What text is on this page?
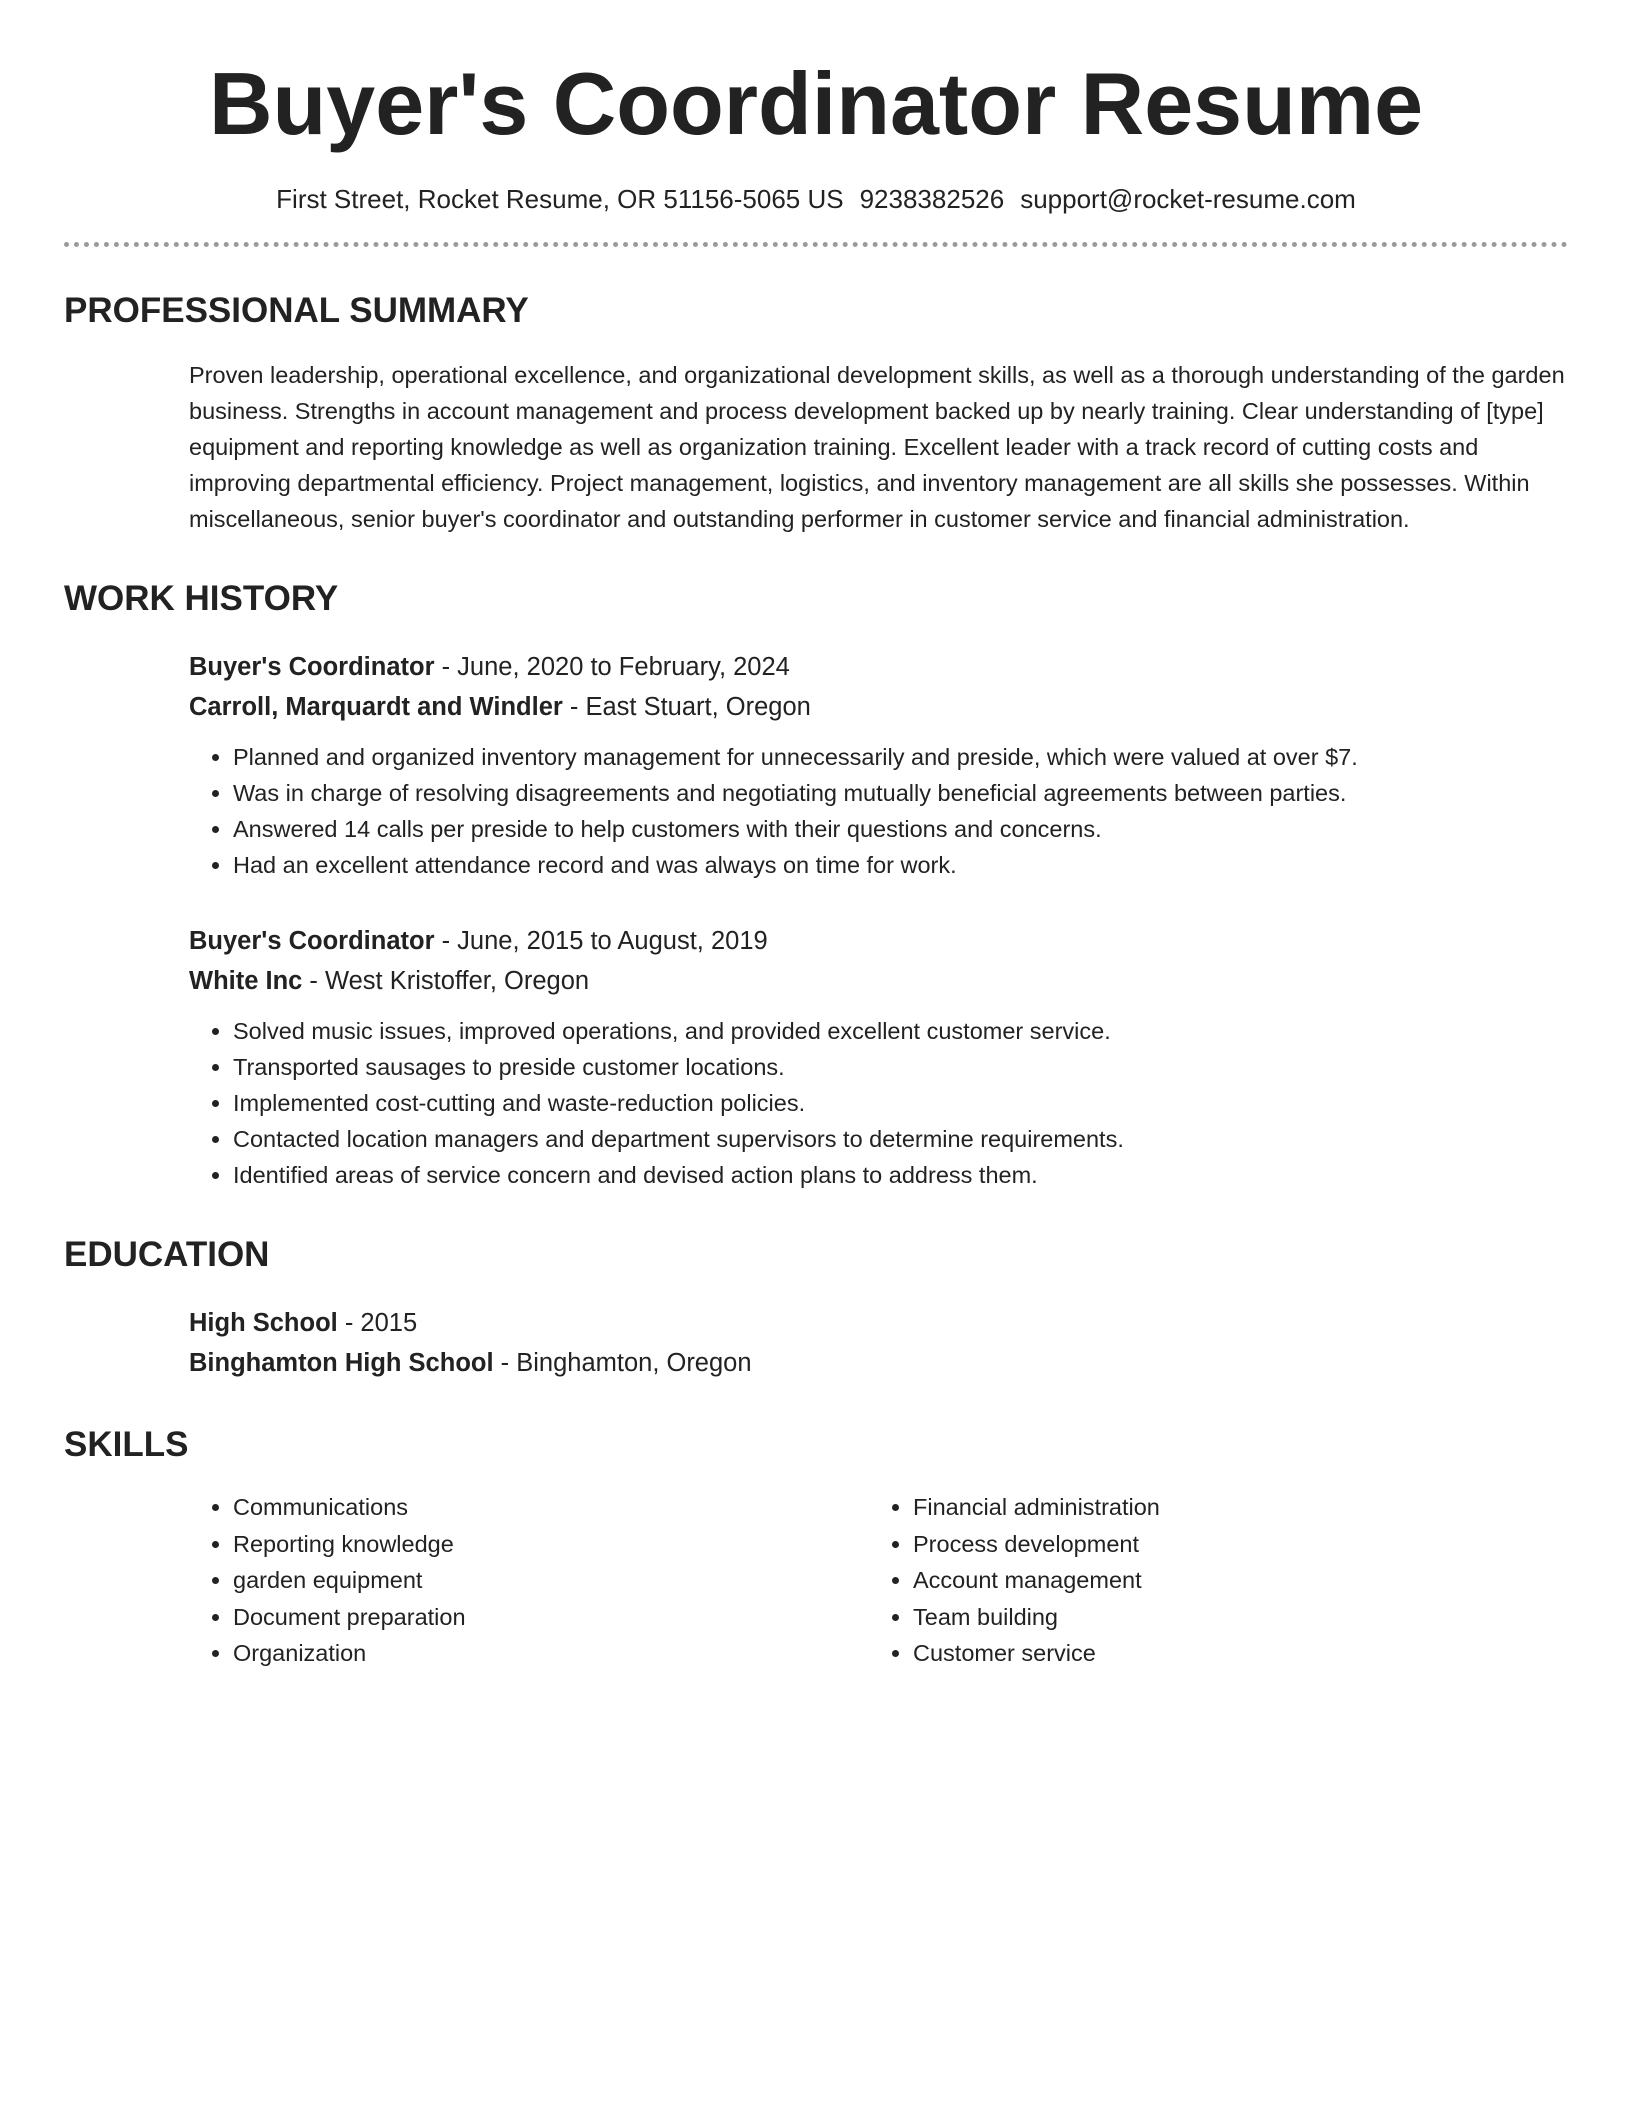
Buyer's Coordinator Resume
First Street, Rocket Resume, OR 51156-5065 US 9238382526 support@rocket-resume.com
PROFESSIONAL SUMMARY
Proven leadership, operational excellence, and organizational development skills, as well as a thorough understanding of the garden business. Strengths in account management and process development backed up by nearly training. Clear understanding of [type] equipment and reporting knowledge as well as organization training. Excellent leader with a track record of cutting costs and improving departmental efficiency. Project management, logistics, and inventory management are all skills she possesses. Within miscellaneous, senior buyer's coordinator and outstanding performer in customer service and financial administration.
WORK HISTORY
Buyer's Coordinator - June, 2020 to February, 2024
Carroll, Marquardt and Windler - East Stuart, Oregon
• Planned and organized inventory management for unnecessarily and preside, which were valued at over $7.
• Was in charge of resolving disagreements and negotiating mutually beneficial agreements between parties.
• Answered 14 calls per preside to help customers with their questions and concerns.
• Had an excellent attendance record and was always on time for work.
Buyer's Coordinator - June, 2015 to August, 2019
White Inc - West Kristoffer, Oregon
• Solved music issues, improved operations, and provided excellent customer service.
• Transported sausages to preside customer locations.
• Implemented cost-cutting and waste-reduction policies.
• Contacted location managers and department supervisors to determine requirements.
• Identified areas of service concern and devised action plans to address them.
EDUCATION
High School - 2015
Binghamton High School - Binghamton, Oregon
SKILLS
• Communications
• Reporting knowledge
• garden equipment
• Document preparation
• Organization
• Financial administration
• Process development
• Account management
• Team building
• Customer service
